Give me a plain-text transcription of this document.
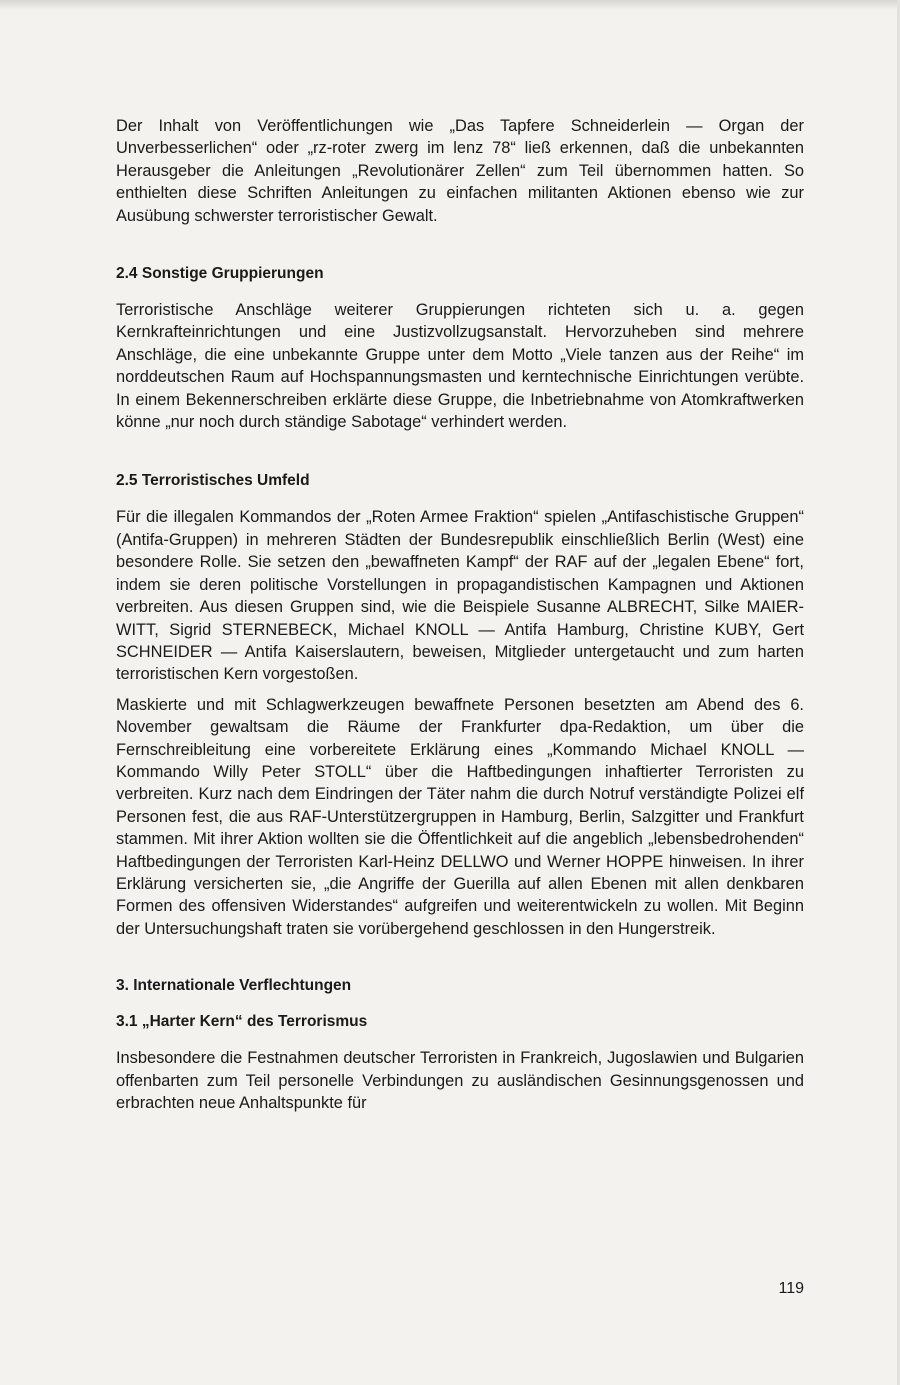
Der Inhalt von Veröffentlichungen wie „Das Tapfere Schneiderlein — Organ der Unverbesserlichen“ oder „rz-roter zwerg im lenz 78“ ließ erkennen, daß die unbekannten Herausgeber die Anleitungen „Revolutionärer Zellen“ zum Teil übernommen hatten. So enthielten diese Schriften Anleitungen zu einfachen militanten Aktionen ebenso wie zur Ausübung schwerster terroristischer Gewalt.

2.4 Sonstige Gruppierungen

Terroristische Anschläge weiterer Gruppierungen richteten sich u. a. gegen Kernkrafteinrichtungen und eine Justizvollzugsanstalt. Hervorzuheben sind mehrere Anschläge, die eine unbekannte Gruppe unter dem Motto „Viele tanzen aus der Reihe“ im norddeutschen Raum auf Hochspannungsmasten und kerntechnische Einrichtungen verübte. In einem Bekennerschreiben erklärte diese Gruppe, die Inbetriebnahme von Atomkraftwerken könne „nur noch durch ständige Sabotage“ verhindert werden.

2.5 Terroristisches Umfeld

Für die illegalen Kommandos der „Roten Armee Fraktion“ spielen „Antifaschistische Gruppen“ (Antifa-Gruppen) in mehreren Städten der Bundesrepublik einschließlich Berlin (West) eine besondere Rolle. Sie setzen den „bewaffneten Kampf“ der RAF auf der „legalen Ebene“ fort, indem sie deren politische Vorstellungen in propagandistischen Kampagnen und Aktionen verbreiten. Aus diesen Gruppen sind, wie die Beispiele Susanne ALBRECHT, Silke MAIER-WITT, Sigrid STERNEBECK, Michael KNOLL — Antifa Hamburg, Christine KUBY, Gert SCHNEIDER — Antifa Kaiserslautern, beweisen, Mitglieder untergetaucht und zum harten terroristischen Kern vorgestoßen.

Maskierte und mit Schlagwerkzeugen bewaffnete Personen besetzten am Abend des 6. November gewaltsam die Räume der Frankfurter dpa-Redaktion, um über die Fernschreibleitung eine vorbereitete Erklärung eines „Kommando Michael KNOLL — Kommando Willy Peter STOLL“ über die Haftbedingungen inhaftierter Terroristen zu verbreiten. Kurz nach dem Eindringen der Täter nahm die durch Notruf verständigte Polizei elf Personen fest, die aus RAF-Unterstützergruppen in Hamburg, Berlin, Salzgitter und Frankfurt stammen. Mit ihrer Aktion wollten sie die Öffentlichkeit auf die angeblich „lebensbedrohenden“ Haftbedingungen der Terroristen Karl-Heinz DELLWO und Werner HOPPE hinweisen. In ihrer Erklärung versicherten sie, „die Angriffe der Guerilla auf allen Ebenen mit allen denkbaren Formen des offensiven Widerstandes“ aufgreifen und weiterentwickeln zu wollen. Mit Beginn der Untersuchungshaft traten sie vorübergehend geschlossen in den Hungerstreik.

3. Internationale Verflechtungen
3.1 „Harter Kern“ des Terrorismus

Insbesondere die Festnahmen deutscher Terroristen in Frankreich, Jugoslawien und Bulgarien offenbarten zum Teil personelle Verbindungen zu ausländischen Gesinnungsgenossen und erbrachten neue Anhaltspunkte für

119
